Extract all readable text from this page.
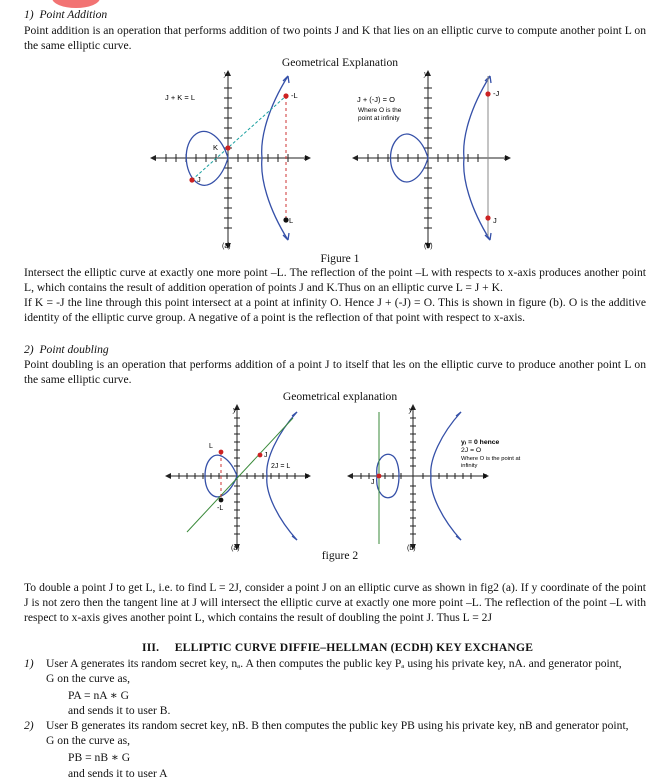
1) Point Addition
Point addition is an operation that performs addition of two points J and K that lies on an elliptic curve to compute another point L on the same elliptic curve.
Geometrical Explanation
J + K = L	-L
K
J
L
y
x
(a)
J + (-J) = O
Where O is the
point at infinity
-J
J
y
x
(b)
Figure 1
Intersect the elliptic curve at exactly one more point –L. The reflection of the point –L with respects to x-axis produces another point L, which contains the result of addition operation of points J and K.Thus on an elliptic curve L = J + K.
If K = -J the line through this point intersect at a point at infinity O. Hence J + (-J) = O. This is shown in figure (b). O is the additive identity of the elliptic curve group. A negative of a point is the reflection of that point with respect to x-axis.
2) Point doubling
Point doubling is an operation that performs addition of a point J to itself that les on the elliptic curve to produce another point L on the same elliptic curve.
Geometrical explanation
L
J
-L
2J = L
y
x
(a)
J
yⱼ = 0 hence
2J = O
Where O is the point at
infinity
y
x
(b)
figure 2
To double a point J to get L, i.e. to find L = 2J, consider a point J on an elliptic curve as shown in fig2 (a). If y coordinate of the point J is not zero then the tangent line at J will intersect the elliptic curve at exactly one more point –L. The reflection of the point –L with respect to x-axis gives another point L, which contains the result of doubling the point J. Thus L = 2J
III. ELLIPTIC CURVE DIFFIE–HELLMAN (ECDH) KEY EXCHANGE
1) User A generates its random secret key, nₐ. A then computes the public key Pₐ using his private key, nA. and generator point,
G on the curve as,
PA = nA ∗ G
and sends it to user B.
2) User B generates its random secret key, nB. B then computes the public key PB using his private key, nB and generator point,
G on the curve as,
PB = nB ∗ G
and sends it to user A
